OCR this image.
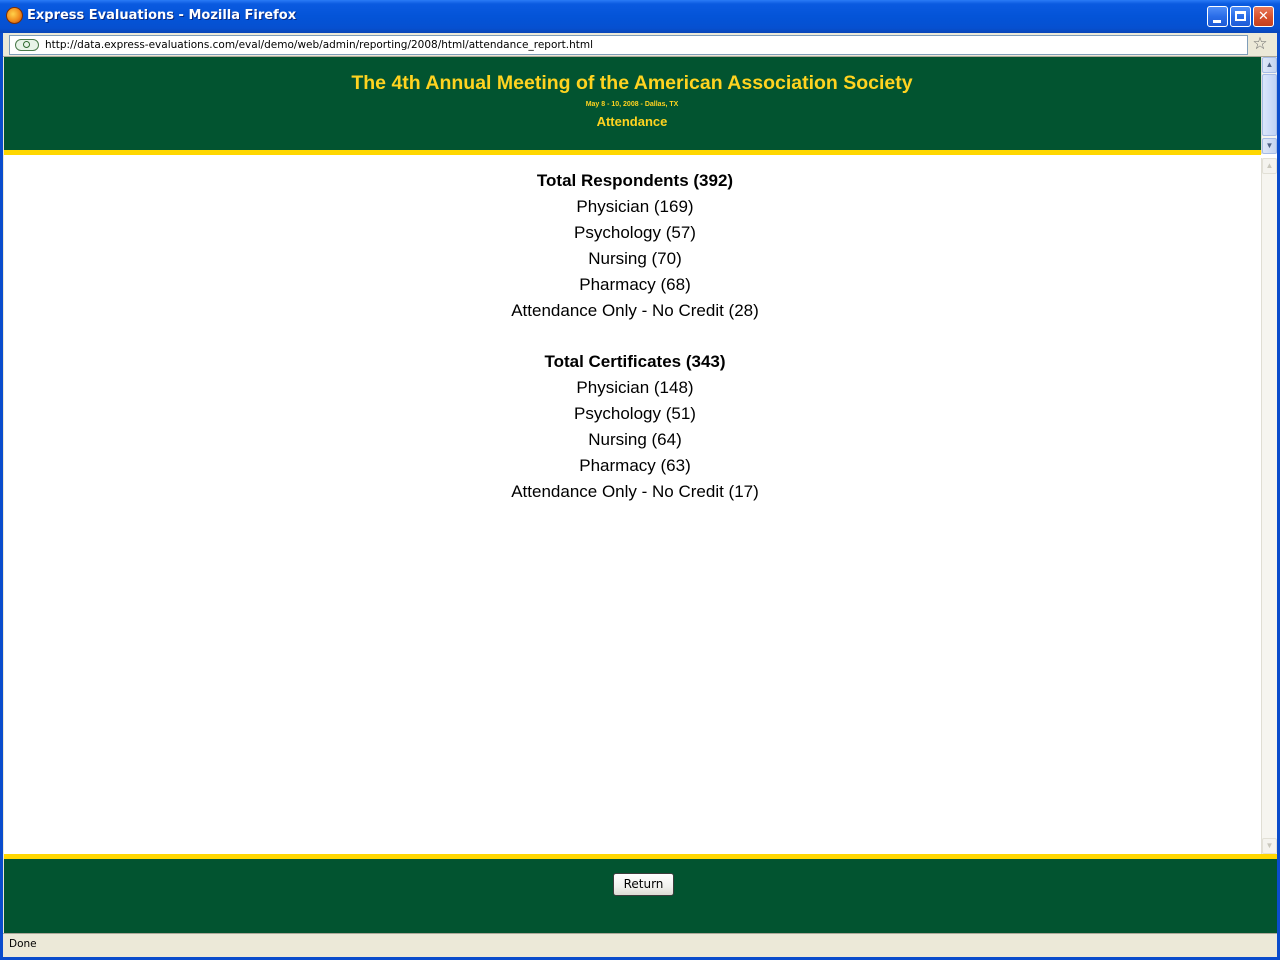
Express Evaluations - Mozilla Firefox	✕
http://data.express-evaluations.com/eval/demo/web/admin/reporting/2008/html/attendance_report.html	☆
The 4th Annual Meeting of the American Association Society
May 8 - 10, 2008 - Dallas, TX
Attendance
▲
▼
Total Respondents (392)
Physician (169)
Psychology (57)
Nursing (70)
Pharmacy (68)
Attendance Only - No Credit (28)
Total Certificates (343)
Physician (148)
Psychology (51)
Nursing (64)
Pharmacy (63)
Attendance Only - No Credit (17)
▲
▼
Return
Done
